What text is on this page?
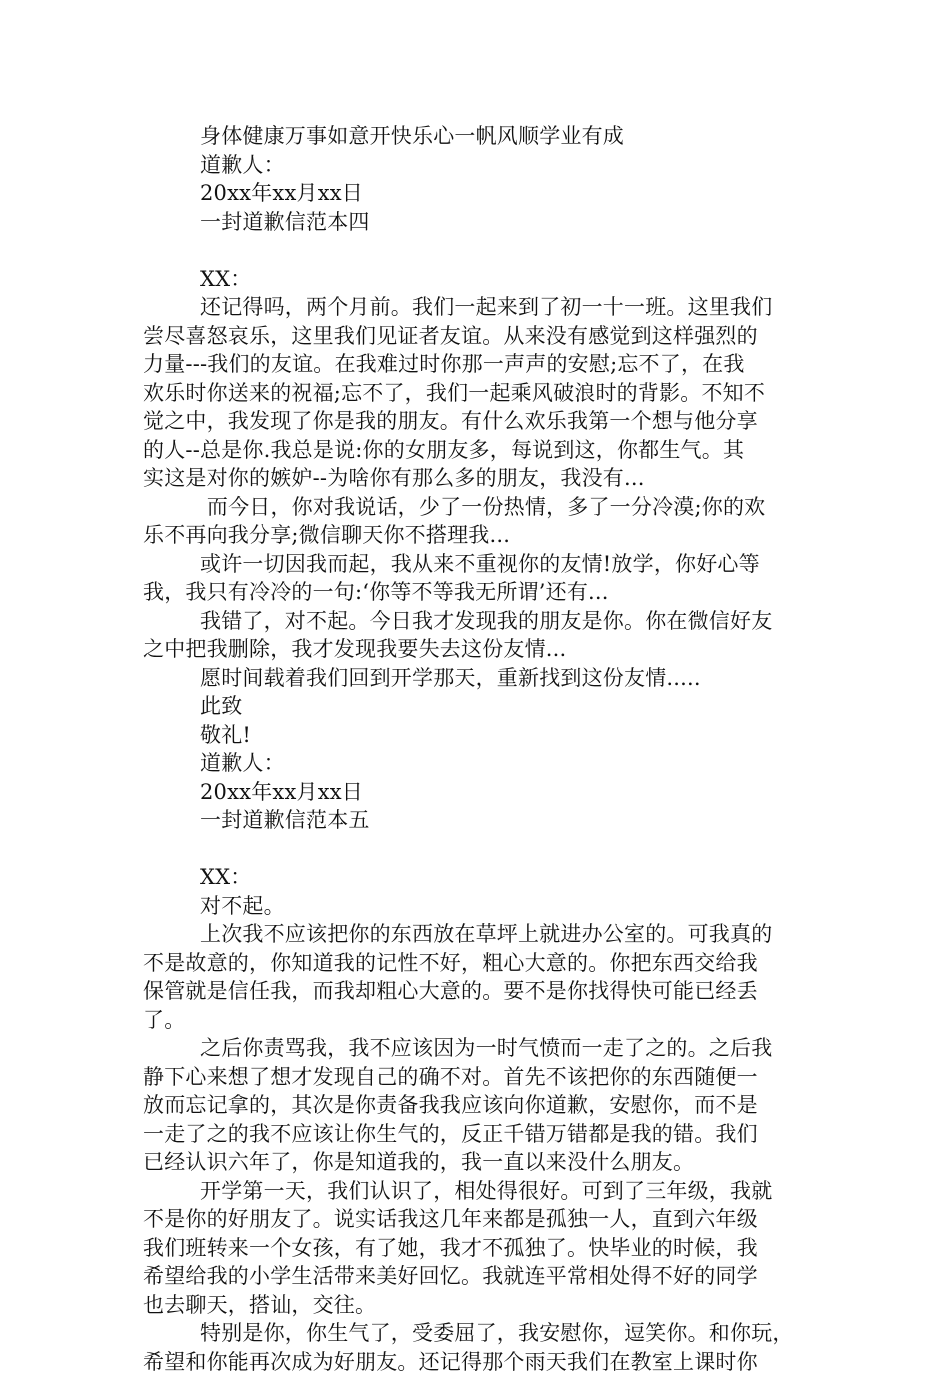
身体健康万事如意开快乐心一帆风顺学业有成
道歉人：
20xx年xx月xx日
一封道歉信范本四
XX：
还记得吗，两个月前。我们一起来到了初一十一班。这里我们
尝尽喜怒哀乐，这里我们见证者友谊。从来没有感觉到这样强烈的
力量---我们的友谊。在我难过时你那一声声的安慰;忘不了，在我
欢乐时你送来的祝福;忘不了，我们一起乘风破浪时的背影。不知不
觉之中，我发现了你是我的朋友。有什么欢乐我第一个想与他分享
的人--总是你.我总是说:你的女朋友多，每说到这，你都生气。其
实这是对你的嫉妒--为啥你有那么多的朋友，我没有...
而今日，你对我说话，少了一份热情，多了一分冷漠;你的欢
乐不再向我分享;微信聊天你不搭理我...
或许一切因我而起，我从来不重视你的友情!放学，你好心等
我，我只有冷冷的一句:‘你等不等我无所谓’还有...
我错了，对不起。今日我才发现我的朋友是你。你在微信好友
之中把我删除，我才发现我要失去这份友情...
愿时间载着我们回到开学那天，重新找到这份友情.....
此致
敬礼!
道歉人：
20xx年xx月xx日
一封道歉信范本五
XX：
对不起。
上次我不应该把你的东西放在草坪上就进办公室的。可我真的
不是故意的，你知道我的记性不好，粗心大意的。你把东西交给我
保管就是信任我，而我却粗心大意的。要不是你找得快可能已经丢
了。
之后你责骂我，我不应该因为一时气愤而一走了之的。之后我
静下心来想了想才发现自己的确不对。首先不该把你的东西随便一
放而忘记拿的，其次是你责备我我应该向你道歉，安慰你，而不是
一走了之的我不应该让你生气的，反正千错万错都是我的错。我们
已经认识六年了，你是知道我的，我一直以来没什么朋友。
开学第一天，我们认识了，相处得很好。可到了三年级，我就
不是你的好朋友了。说实话我这几年来都是孤独一人，直到六年级
我们班转来一个女孩，有了她，我才不孤独了。快毕业的时候，我
希望给我的小学生活带来美好回忆。我就连平常相处得不好的同学
也去聊天，搭讪，交往。
特别是你，你生气了，受委屈了，我安慰你，逗笑你。和你玩，
希望和你能再次成为好朋友。还记得那个雨天我们在教室上课时你
